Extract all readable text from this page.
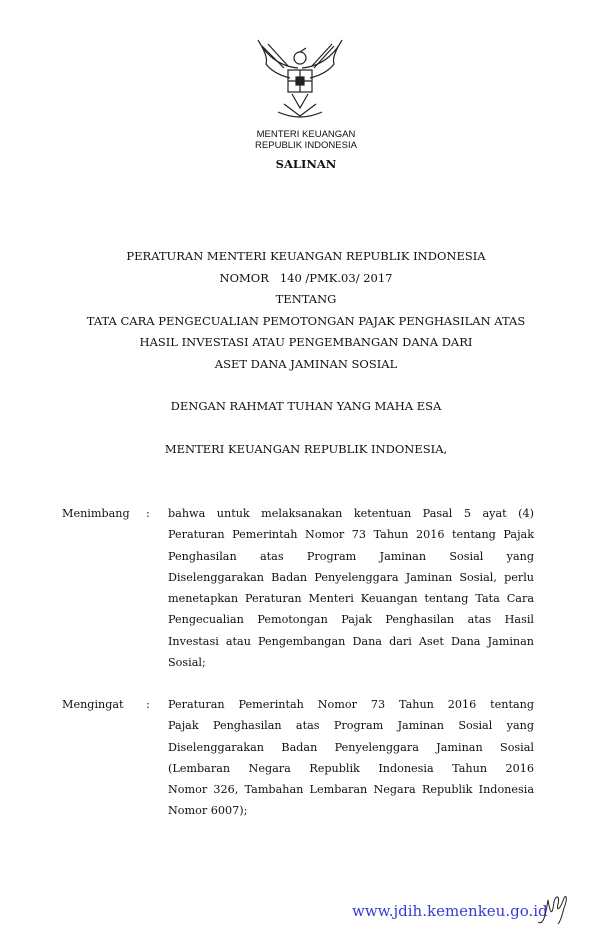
MENTERI KEUANGAN
REPUBLIK INDONESIA
SALINAN
PERATURAN MENTERI KEUANGAN REPUBLIK INDONESIA
NOMOR   140 /PMK.03/ 2017
TENTANG
TATA CARA PENGECUALIAN PEMOTONGAN PAJAK PENGHASILAN ATAS
HASIL INVESTASI ATAU PENGEMBANGAN DANA DARI
ASET DANA JAMINAN SOSIAL
DENGAN RAHMAT TUHAN YANG MAHA ESA
MENTERI KEUANGAN REPUBLIK INDONESIA,
Menimbang : bahwa untuk melaksanakan ketentuan Pasal 5 ayat (4)
Peraturan Pemerintah Nomor 73 Tahun 2016 tentang Pajak
Penghasilan atas Program Jaminan Sosial yang
Diselenggarakan Badan Penyelenggara Jaminan Sosial, perlu
menetapkan Peraturan Menteri Keuangan tentang Tata Cara
Pengecualian Pemotongan Pajak Penghasilan atas Hasil
Investasi atau Pengembangan Dana dari Aset Dana Jaminan
Sosial;
Mengingat : Peraturan Pemerintah Nomor 73 Tahun 2016 tentang
Pajak Penghasilan atas Program Jaminan Sosial yang
Diselenggarakan Badan Penyelenggara Jaminan Sosial
(Lembaran Negara Republik Indonesia Tahun 2016
Nomor 326, Tambahan Lembaran Negara Republik Indonesia
Nomor 6007);
www.jdih.kemenkeu.go.id
